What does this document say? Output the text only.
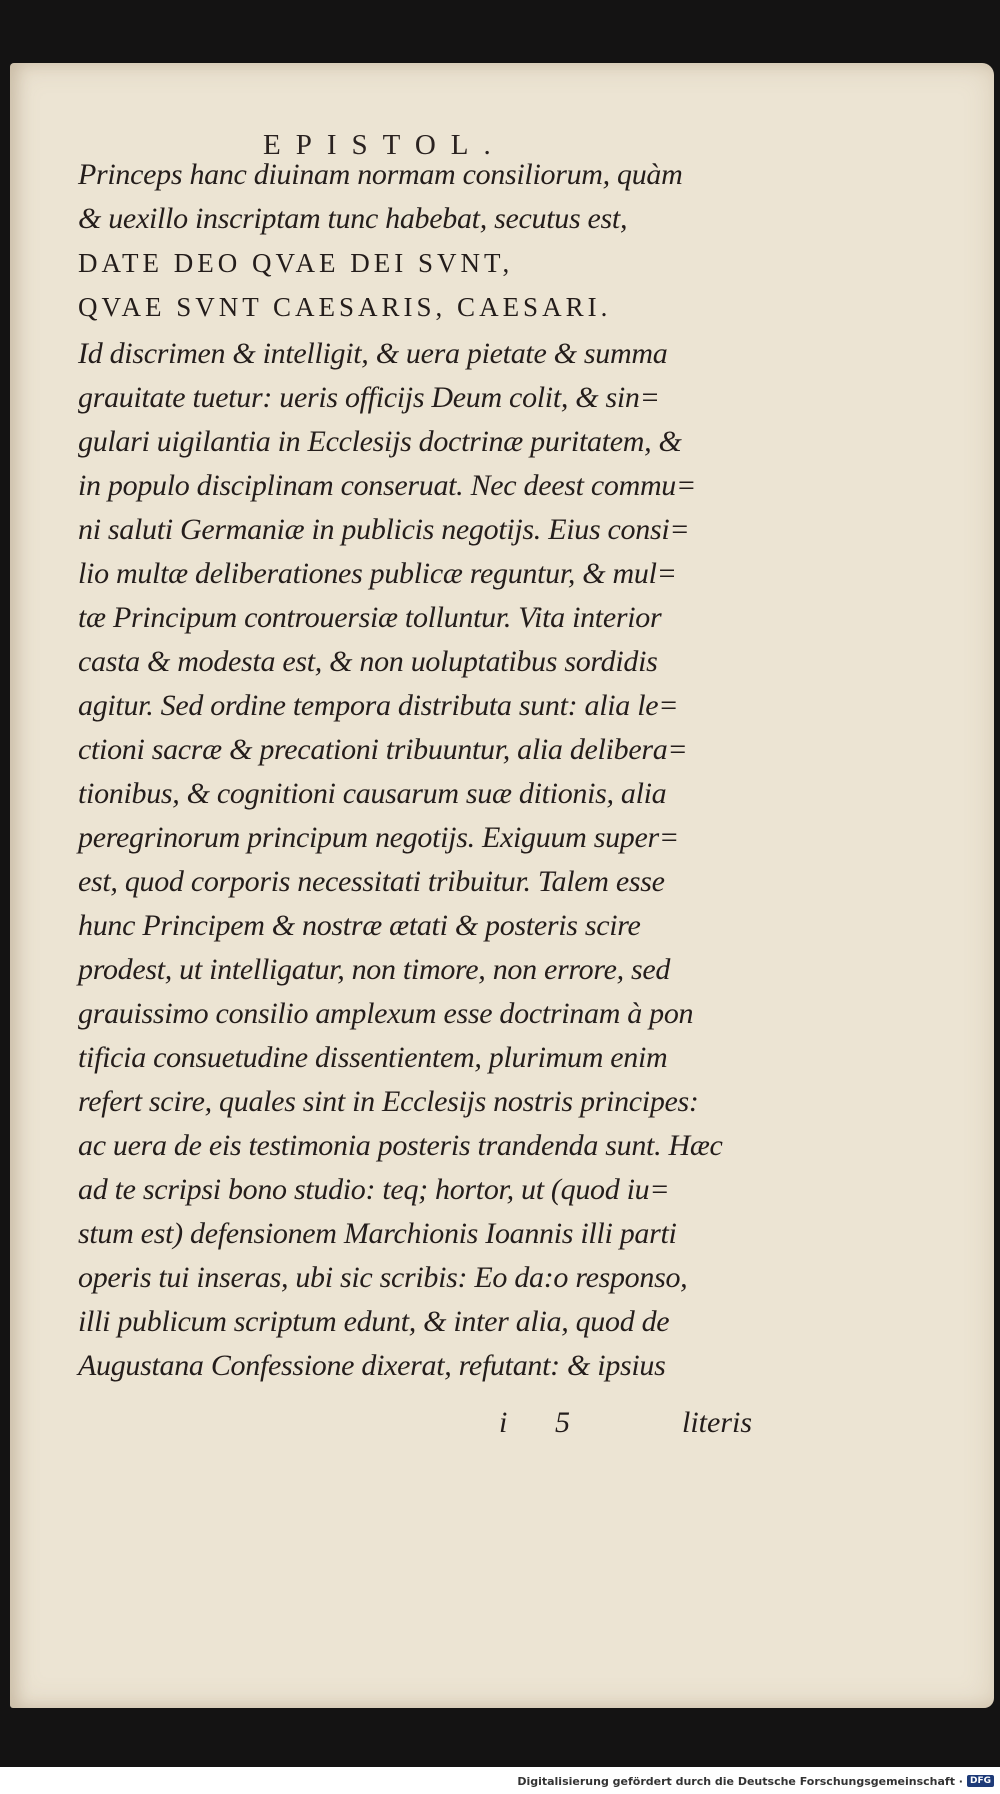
EPISTOL.
Princeps hanc diuinam normam consiliorum, quàm
& uexillo inscriptam tunc habebat, secutus est,
DATE DEO QVAE DEI SVNT,
QVAE SVNT CAESARIS, CAESARI.
Id discrimen & intelligit, & uera pietate & summa
grauitate tuetur: ueris officijs Deum colit, & sin=
gulari uigilantia in Ecclesijs doctrinæ puritatem, &
in populo disciplinam conseruat. Nec deest commu=
ni saluti Germaniæ in publicis negotijs. Eius consi=
lio multæ deliberationes publicæ reguntur, & mul=
tæ Principum controuersiæ tolluntur. Vita interior
casta & modesta est, & non uoluptatibus sordidis
agitur. Sed ordine tempora distributa sunt: alia le=
ctioni sacræ & precationi tribuuntur, alia delibera=
tionibus, & cognitioni causarum suæ ditionis, alia
peregrinorum principum negotijs. Exiguum super=
est, quod corporis necessitati tribuitur. Talem esse
hunc Principem & nostræ ætati & posteris scire
prodest, ut intelligatur, non timore, non errore, sed
grauissimo consilio amplexum esse doctrinam à pon
tificia consuetudine dissentientem, plurimum enim
refert scire, quales sint in Ecclesijs nostris principes:
ac uera de eis testimonia posteris trandenda sunt. Hæc
ad te scripsi bono studio: teq; hortor, ut (quod iu=
stum est) defensionem Marchionis Ioannis illi parti
operis tui inseras, ubi sic scribis: Eo da:o responso,
illi publicum scriptum edunt, & inter alia, quod de
Augustana Confessione dixerat, refutant: & ipsius
i 5	literis
Digitalisierung gefördert durch die Deutsche Forschungsgemeinschaft · DFG
